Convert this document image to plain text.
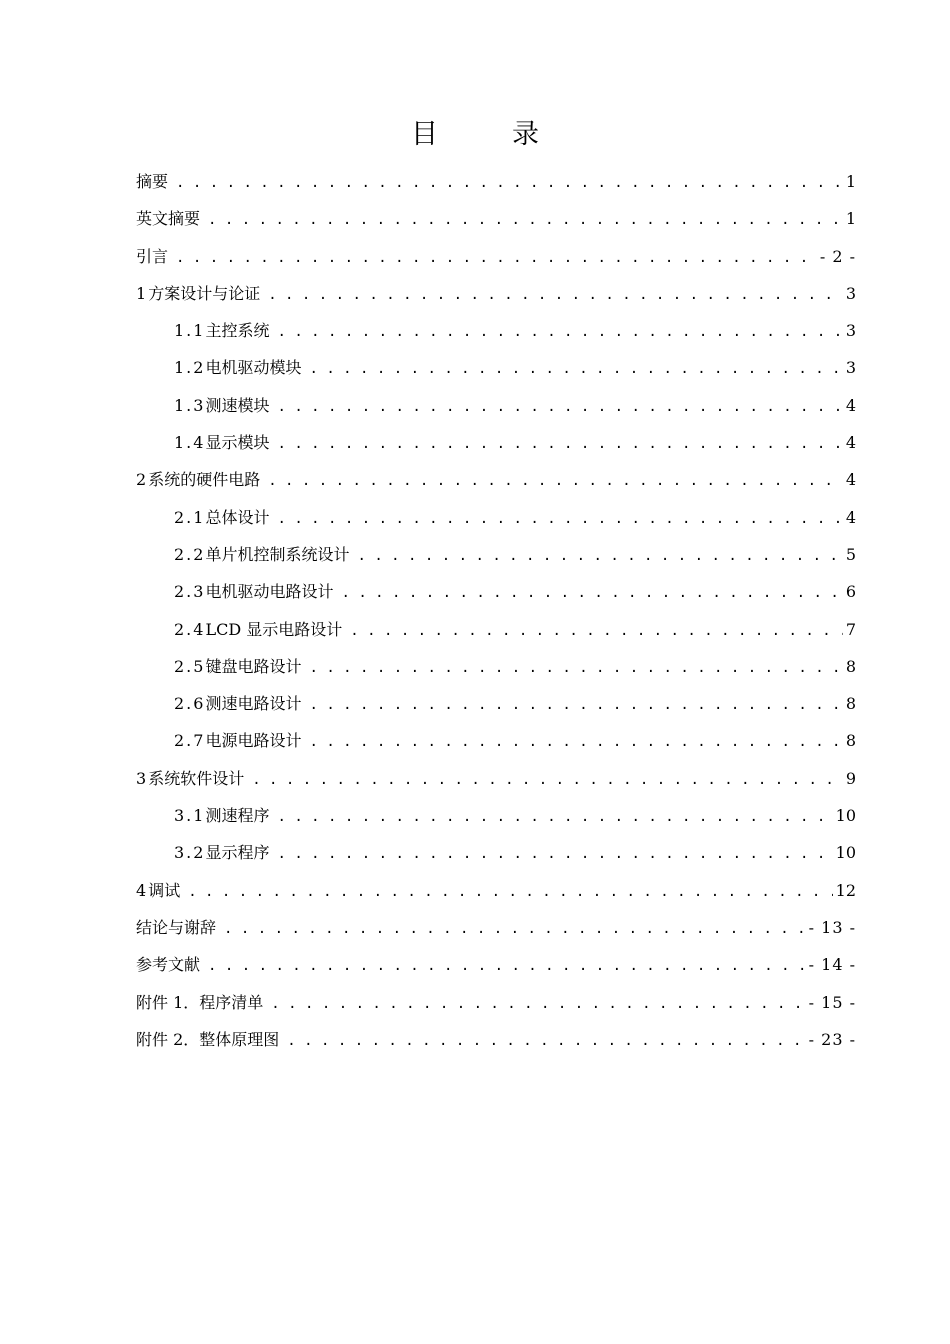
目	录
摘要 . . .	1
英文摘要 . . .	1
引言 . . .	- 2 -
1 方案设计与论证 . . .	3
1.1 主控系统 . . .	3
1.2 电机驱动模块 . . .	3
1.3 测速模块 . . .	4
1.4 显示模块 . . .	4
2 系统的硬件电路 . . .	4
2.1 总体设计 . . .	4
2.2 单片机控制系统设计 . . .	5
2.3 电机驱动电路设计 . . .	6
2.4 LCD 显示电路设计 . . .	7
2.5 键盘电路设计 . . .	8
2.6 测速电路设计 . . .	8
2.7 电源电路设计 . . .	8
3 系统软件设计 . . .	9
3.1 测速程序 . . .	10
3.2 显示程序 . . .	10
4 调试 . . .	12
结论与谢辞 . . .	- 13 -
参考文献 . . .	- 14 -
附件 1．程序清单 . . .	- 15 -
附件 2．整体原理图 . . .	- 23 -
